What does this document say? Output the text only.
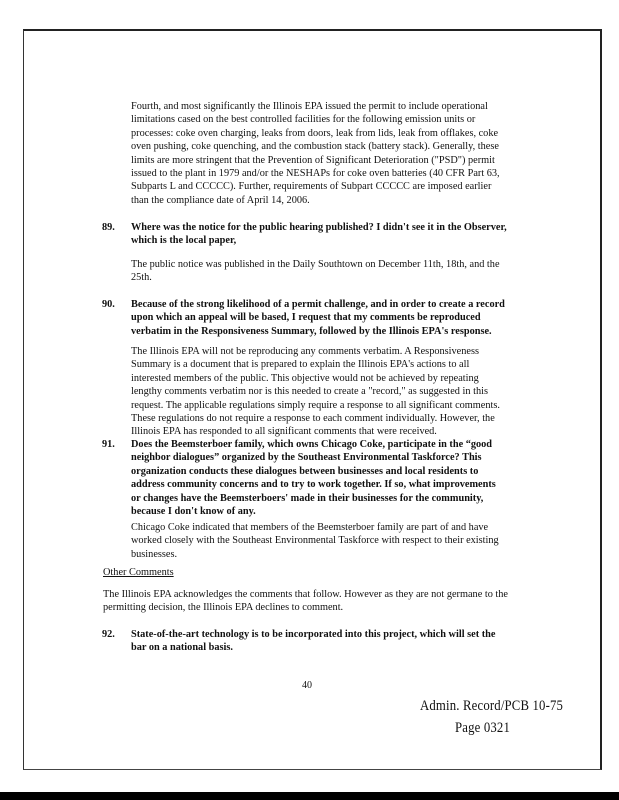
Fourth, and most significantly the Illinois EPA issued the permit to include operational
limitations cased on the best controlled facilities for the following emission units or
processes: coke oven charging, leaks from doors, leak from lids, leak from offlakes, coke
oven pushing, coke quenching, and the combustion stack (battery stack). Generally, these
limits are more stringent that the Prevention of Significant Deterioration ("PSD") permit
issued to the plant in 1979 and/or the NESHAPs for coke oven batteries (40 CFR Part 63,
Subparts L and CCCCC). Further, requirements of Subpart CCCCC are imposed earlier
than the compliance date of April 14, 2006.
89. Where was the notice for the public hearing published? I didn't see it in the Observer,
which is the local paper,
The public notice was published in the Daily Southtown on December 11th, 18th, and the
25th.
90. Because of the strong likelihood of a permit challenge, and in order to create a record
upon which an appeal will be based, I request that my comments be reproduced
verbatim in the Responsiveness Summary, followed by the Illinois EPA's response.
The Illinois EPA will not be reproducing any comments verbatim. A Responsiveness
Summary is a document that is prepared to explain the Illinois EPA's actions to all
interested members of the public. This objective would not be achieved by repeating
lengthy comments verbatim nor is this needed to create a "record," as suggested in this
request. The applicable regulations simply require a response to all significant comments.
These regulations do not require a response to each comment individually. However, the
Illinois EPA has responded to all significant comments that were received.
91. Does the Beemsterboer family, which owns Chicago Coke, participate in the “good
neighbor dialogues” organized by the Southeast Environmental Taskforce? This
organization conducts these dialogues between businesses and local residents to
address community concerns and to try to work together. If so, what improvements
or changes have the Beemsterboers' made in their businesses for the community,
because I don't know of any.
Chicago Coke indicated that members of the Beemsterboer family are part of and have
worked closely with the Southeast Environmental Taskforce with respect to their existing
businesses.
Other Comments
The Illinois EPA acknowledges the comments that follow. However as they are not germane to the
permitting decision, the Illinois EPA declines to comment.
92. State-of-the-art technology is to be incorporated into this project, which will set the
bar on a national basis.
40
Admin. Record/PCB 10-75
Page 0321
